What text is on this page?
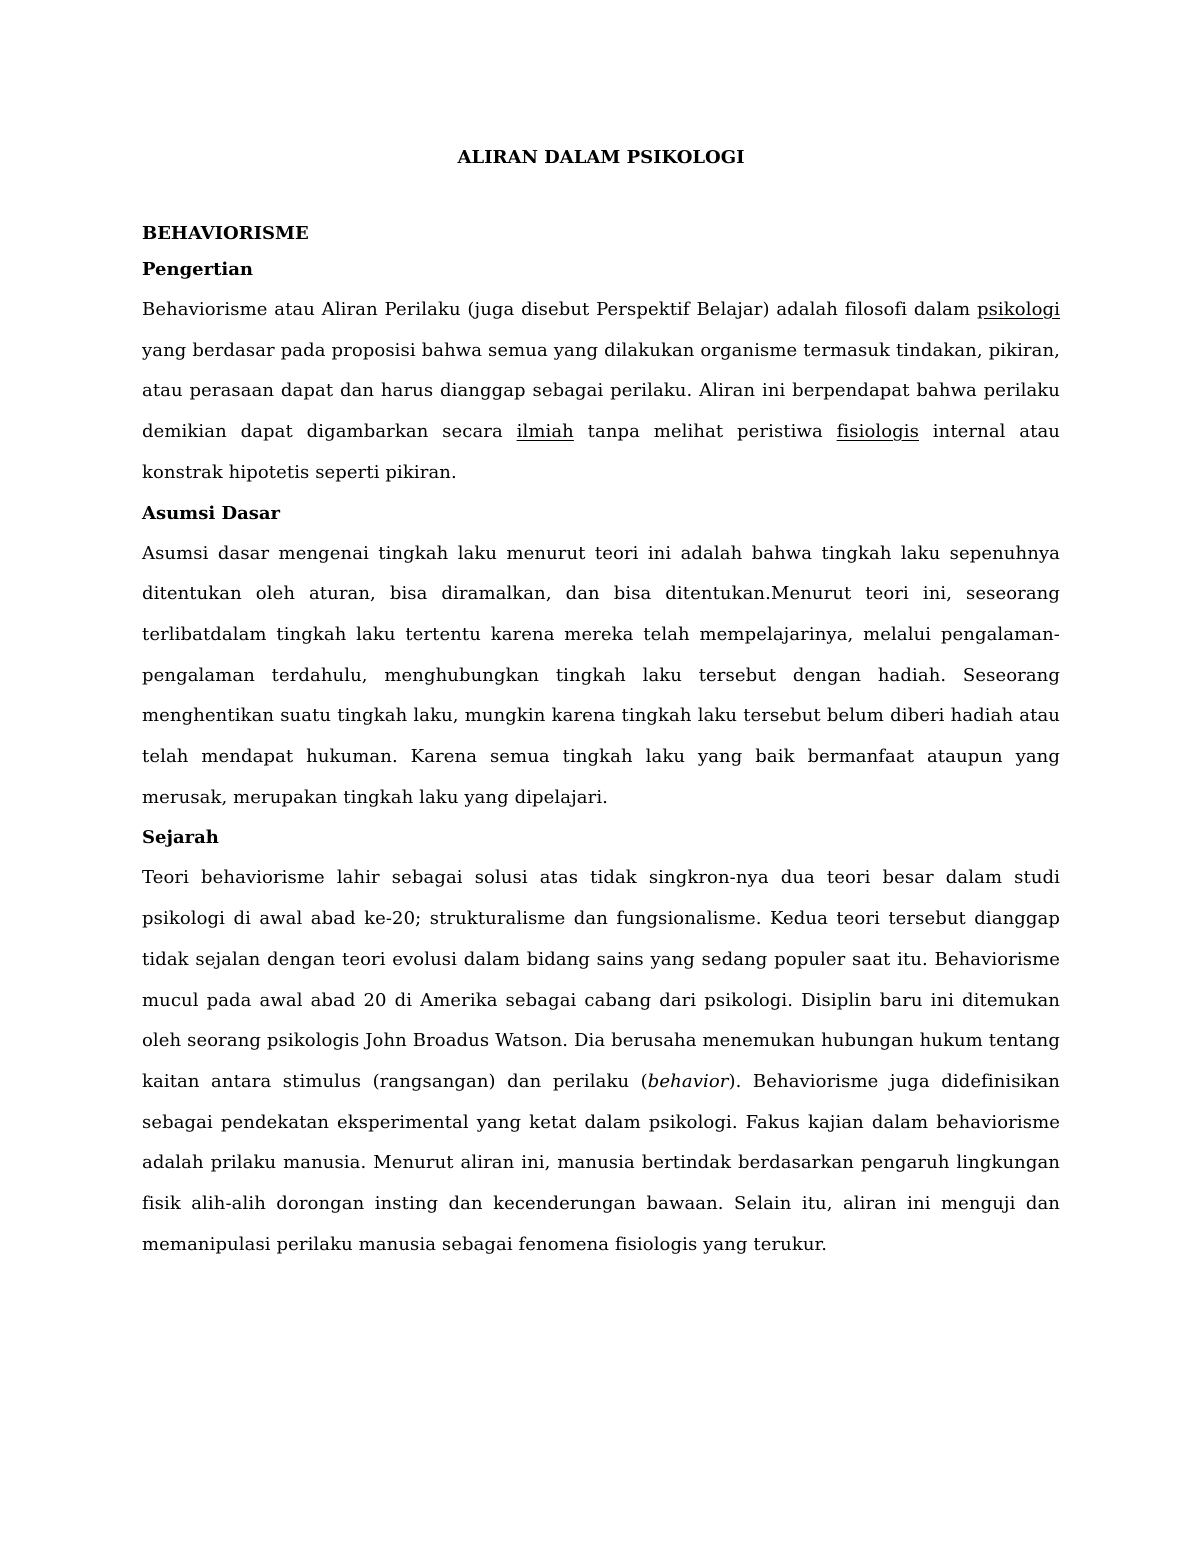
ALIRAN DALAM PSIKOLOGI
BEHAVIORISME
Pengertian

Behaviorisme atau Aliran Perilaku (juga disebut Perspektif Belajar) adalah filosofi dalam psikologi yang berdasar pada proposisi bahwa semua yang dilakukan organisme termasuk tindakan, pikiran, atau perasaan dapat dan harus dianggap sebagai perilaku. Aliran ini berpendapat bahwa perilaku demikian dapat digambarkan secara ilmiah tanpa melihat peristiwa fisiologis internal atau konstrak hipotetis seperti pikiran.

Asumsi Dasar

Asumsi dasar mengenai tingkah laku menurut teori ini adalah bahwa tingkah laku sepenuhnya ditentukan oleh aturan, bisa diramalkan, dan bisa ditentukan.Menurut teori ini, seseorang terlibatdalam tingkah laku tertentu karena mereka telah mempelajarinya, melalui pengalaman-pengalaman terdahulu, menghubungkan tingkah laku tersebut dengan hadiah. Seseorang menghentikan suatu tingkah laku, mungkin karena tingkah laku tersebut belum diberi hadiah atau telah mendapat hukuman. Karena semua tingkah laku yang baik bermanfaat ataupun yang merusak, merupakan tingkah laku yang dipelajari.

Sejarah

Teori behaviorisme lahir sebagai solusi atas tidak singkron-nya dua teori besar dalam studi psikologi di awal abad ke-20; strukturalisme dan fungsionalisme. Kedua teori tersebut dianggap tidak sejalan dengan teori evolusi dalam bidang sains yang sedang populer saat itu. Behaviorisme mucul pada awal abad 20 di Amerika sebagai cabang dari psikologi. Disiplin baru ini ditemukan oleh seorang psikologis John Broadus Watson. Dia berusaha menemukan hubungan hukum tentang kaitan antara stimulus (rangsangan) dan perilaku (behavior). Behaviorisme juga didefinisikan sebagai pendekatan eksperimental yang ketat dalam psikologi. Fakus kajian dalam behaviorisme adalah prilaku manusia. Menurut aliran ini, manusia bertindak berdasarkan pengaruh lingkungan fisik alih-alih dorongan insting dan kecenderungan bawaan. Selain itu, aliran ini menguji dan memanipulasi perilaku manusia sebagai fenomena fisiologis yang terukur.
